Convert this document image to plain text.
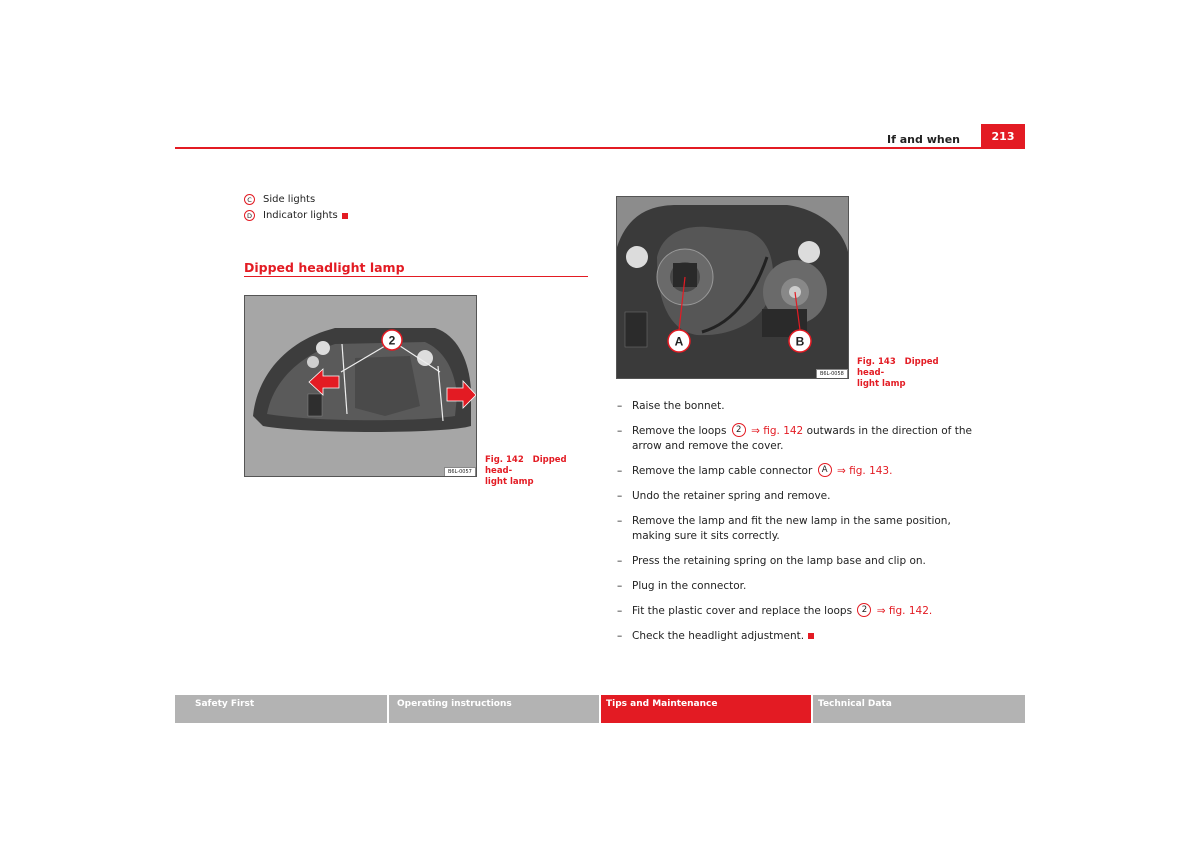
If and when	213
C	Side lights
D	Indicator lights
Dipped headlight lamp
2
B6L-0057
Fig. 142 Dipped head-
light lamp
A	B
B6L-0058
Fig. 143 Dipped head-
light lamp
– Raise the bonnet.
– Remove the loops 2 ⇒ fig. 142 outwards in the direction of the arrow and remove the cover.
– Remove the lamp cable connector A ⇒ fig. 143.
– Undo the retainer spring and remove.
– Remove the lamp and fit the new lamp in the same position, making sure it sits correctly.
– Press the retaining spring on the lamp base and clip on.
– Plug in the connector.
– Fit the plastic cover and replace the loops 2 ⇒ fig. 142.
– Check the headlight adjustment.
Safety First	Operating instructions	Tips and Maintenance	Technical Data
